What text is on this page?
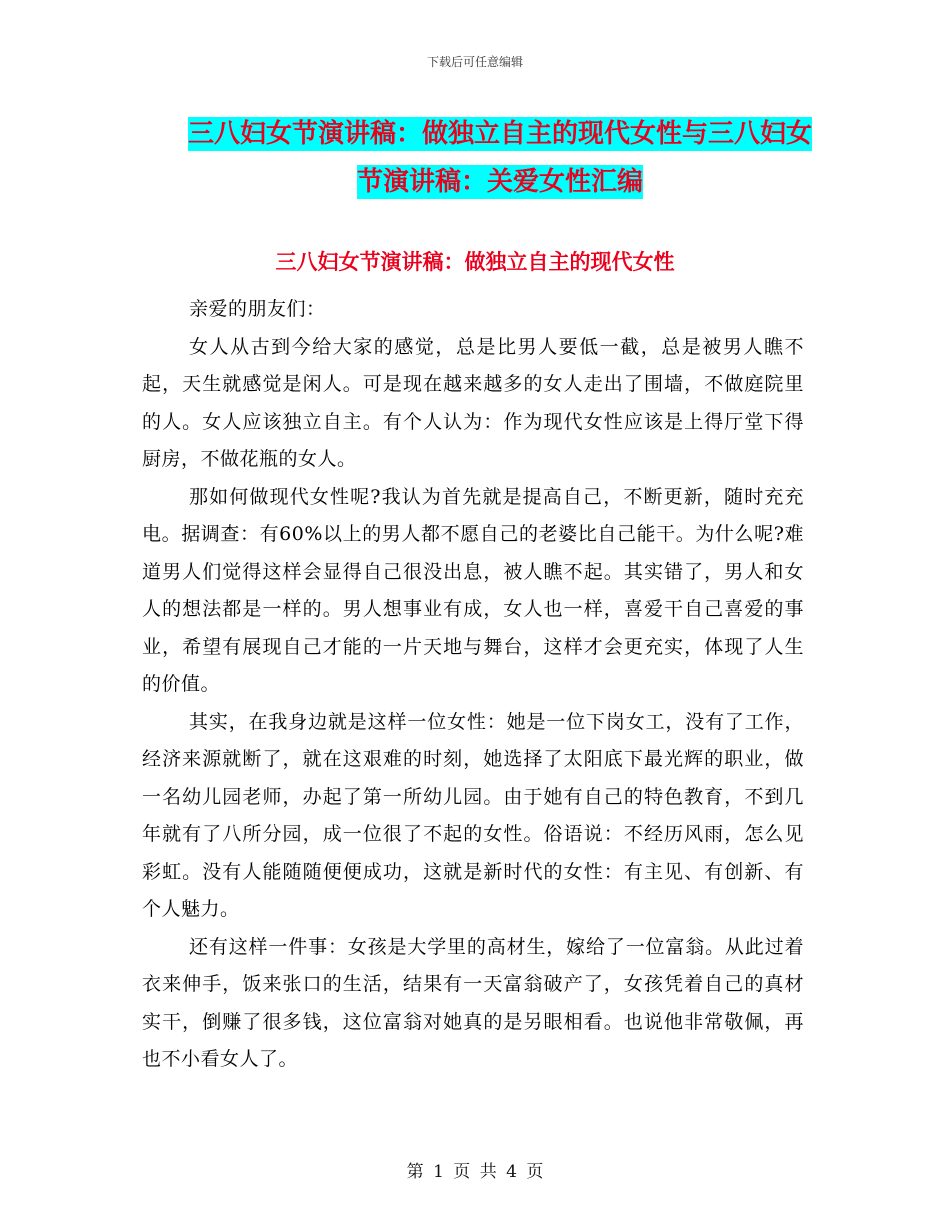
下载后可任意编辑
三八妇女节演讲稿：做独立自主的现代女性与三八妇女节演讲稿：关爱女性汇编
三八妇女节演讲稿：做独立自主的现代女性

亲爱的朋友们：

女人从古到今给大家的感觉，总是比男人要低一截，总是被男人瞧不起，天生就感觉是闲人。可是现在越来越多的女人走出了围墙，不做庭院里的人。女人应该独立自主。有个人认为：作为现代女性应该是上得厅堂下得厨房，不做花瓶的女人。

那如何做现代女性呢?我认为首先就是提高自己，不断更新，随时充充电。据调查：有60%以上的男人都不愿自己的老婆比自己能干。为什么呢?难道男人们觉得这样会显得自己很没出息，被人瞧不起。其实错了，男人和女人的想法都是一样的。男人想事业有成，女人也一样，喜爱干自己喜爱的事业，希望有展现自己才能的一片天地与舞台，这样才会更充实，体现了人生的价值。

其实，在我身边就是这样一位女性：她是一位下岗女工，没有了工作，经济来源就断了，就在这艰难的时刻，她选择了太阳底下最光辉的职业，做一名幼儿园老师，办起了第一所幼儿园。由于她有自己的特色教育，不到几年就有了八所分园，成一位很了不起的女性。俗语说：不经历风雨，怎么见彩虹。没有人能随随便便成功，这就是新时代的女性：有主见、有创新、有个人魅力。

还有这样一件事：女孩是大学里的高材生，嫁给了一位富翁。从此过着衣来伸手，饭来张口的生活，结果有一天富翁破产了，女孩凭着自己的真材实干，倒赚了很多钱，这位富翁对她真的是另眼相看。也说他非常敬佩，再也不小看女人了。

第 1 页 共 4 页
